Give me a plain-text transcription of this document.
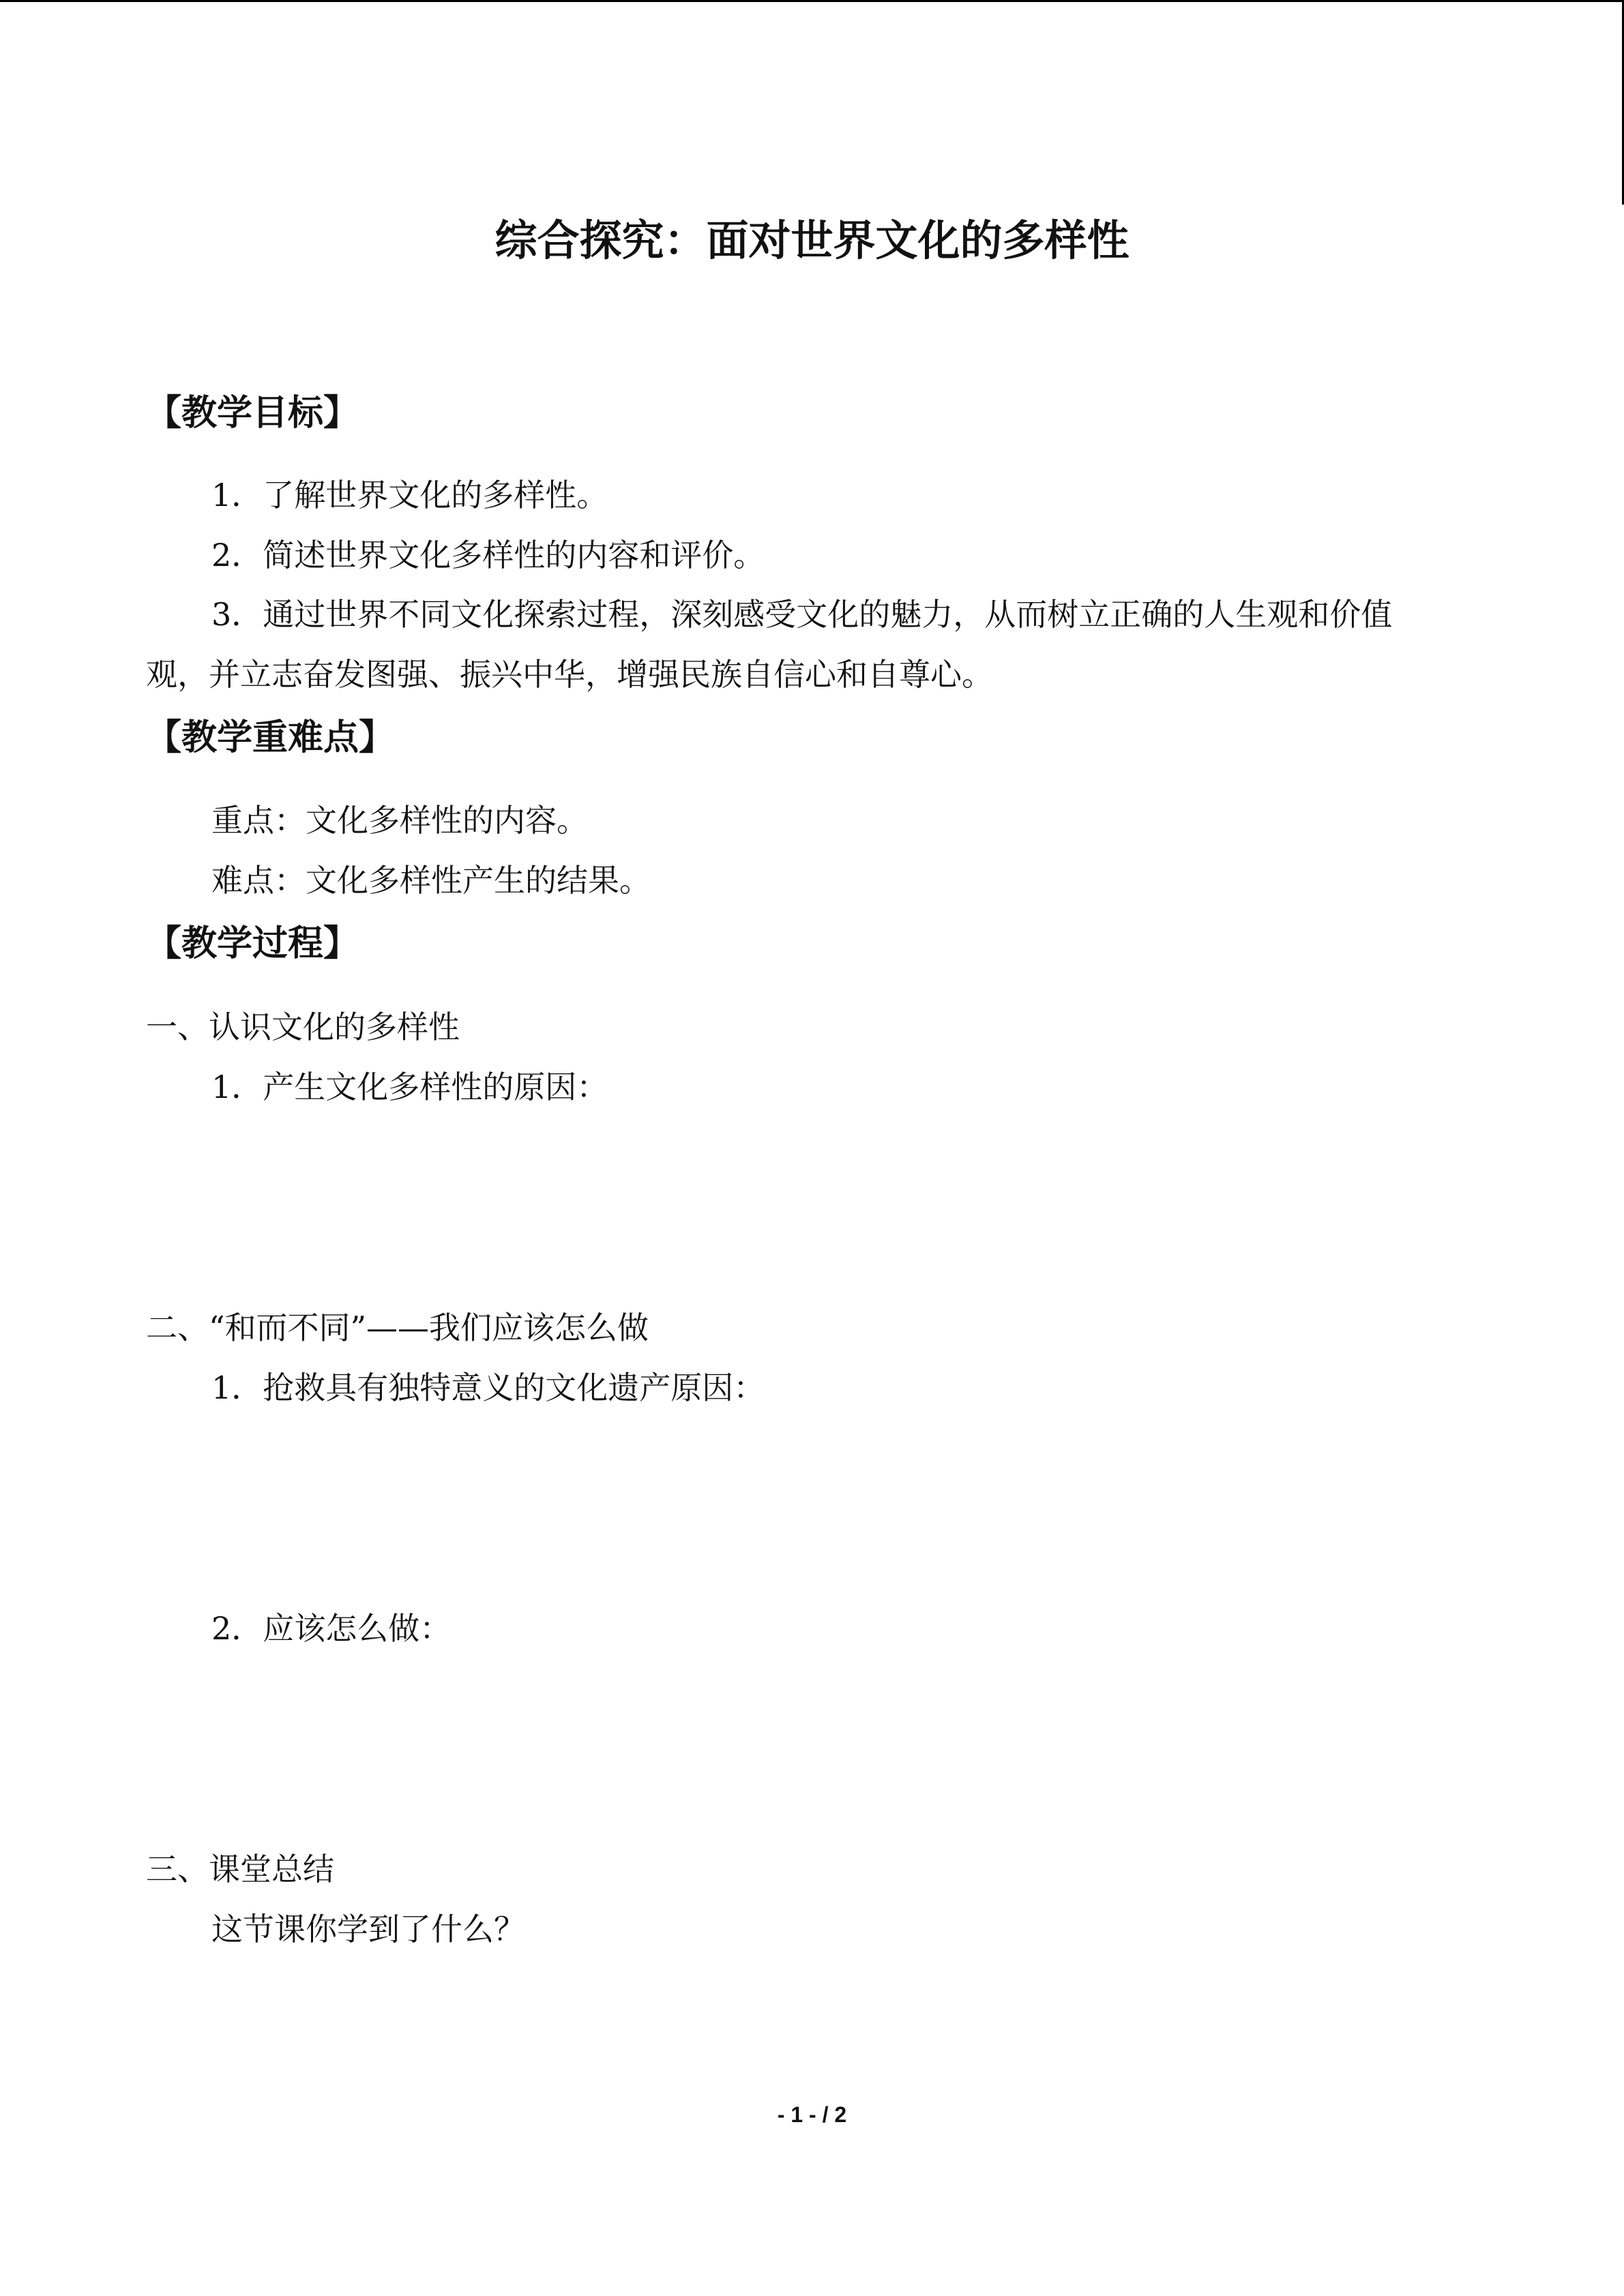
综合探究：面对世界文化的多样性
【教学目标】
1．了解世界文化的多样性。
2．简述世界文化多样性的内容和评价。
3．通过世界不同文化探索过程，深刻感受文化的魅力，从而树立正确的人生观和价值
观，并立志奋发图强、振兴中华，增强民族自信心和自尊心。
【教学重难点】
重点：文化多样性的内容。
难点：文化多样性产生的结果。
【教学过程】
一、认识文化的多样性
1．产生文化多样性的原因：
二、“和而不同”——我们应该怎么做
1．抢救具有独特意义的文化遗产原因：
2．应该怎么做：
三、课堂总结
这节课你学到了什么？
- 1 - / 2
